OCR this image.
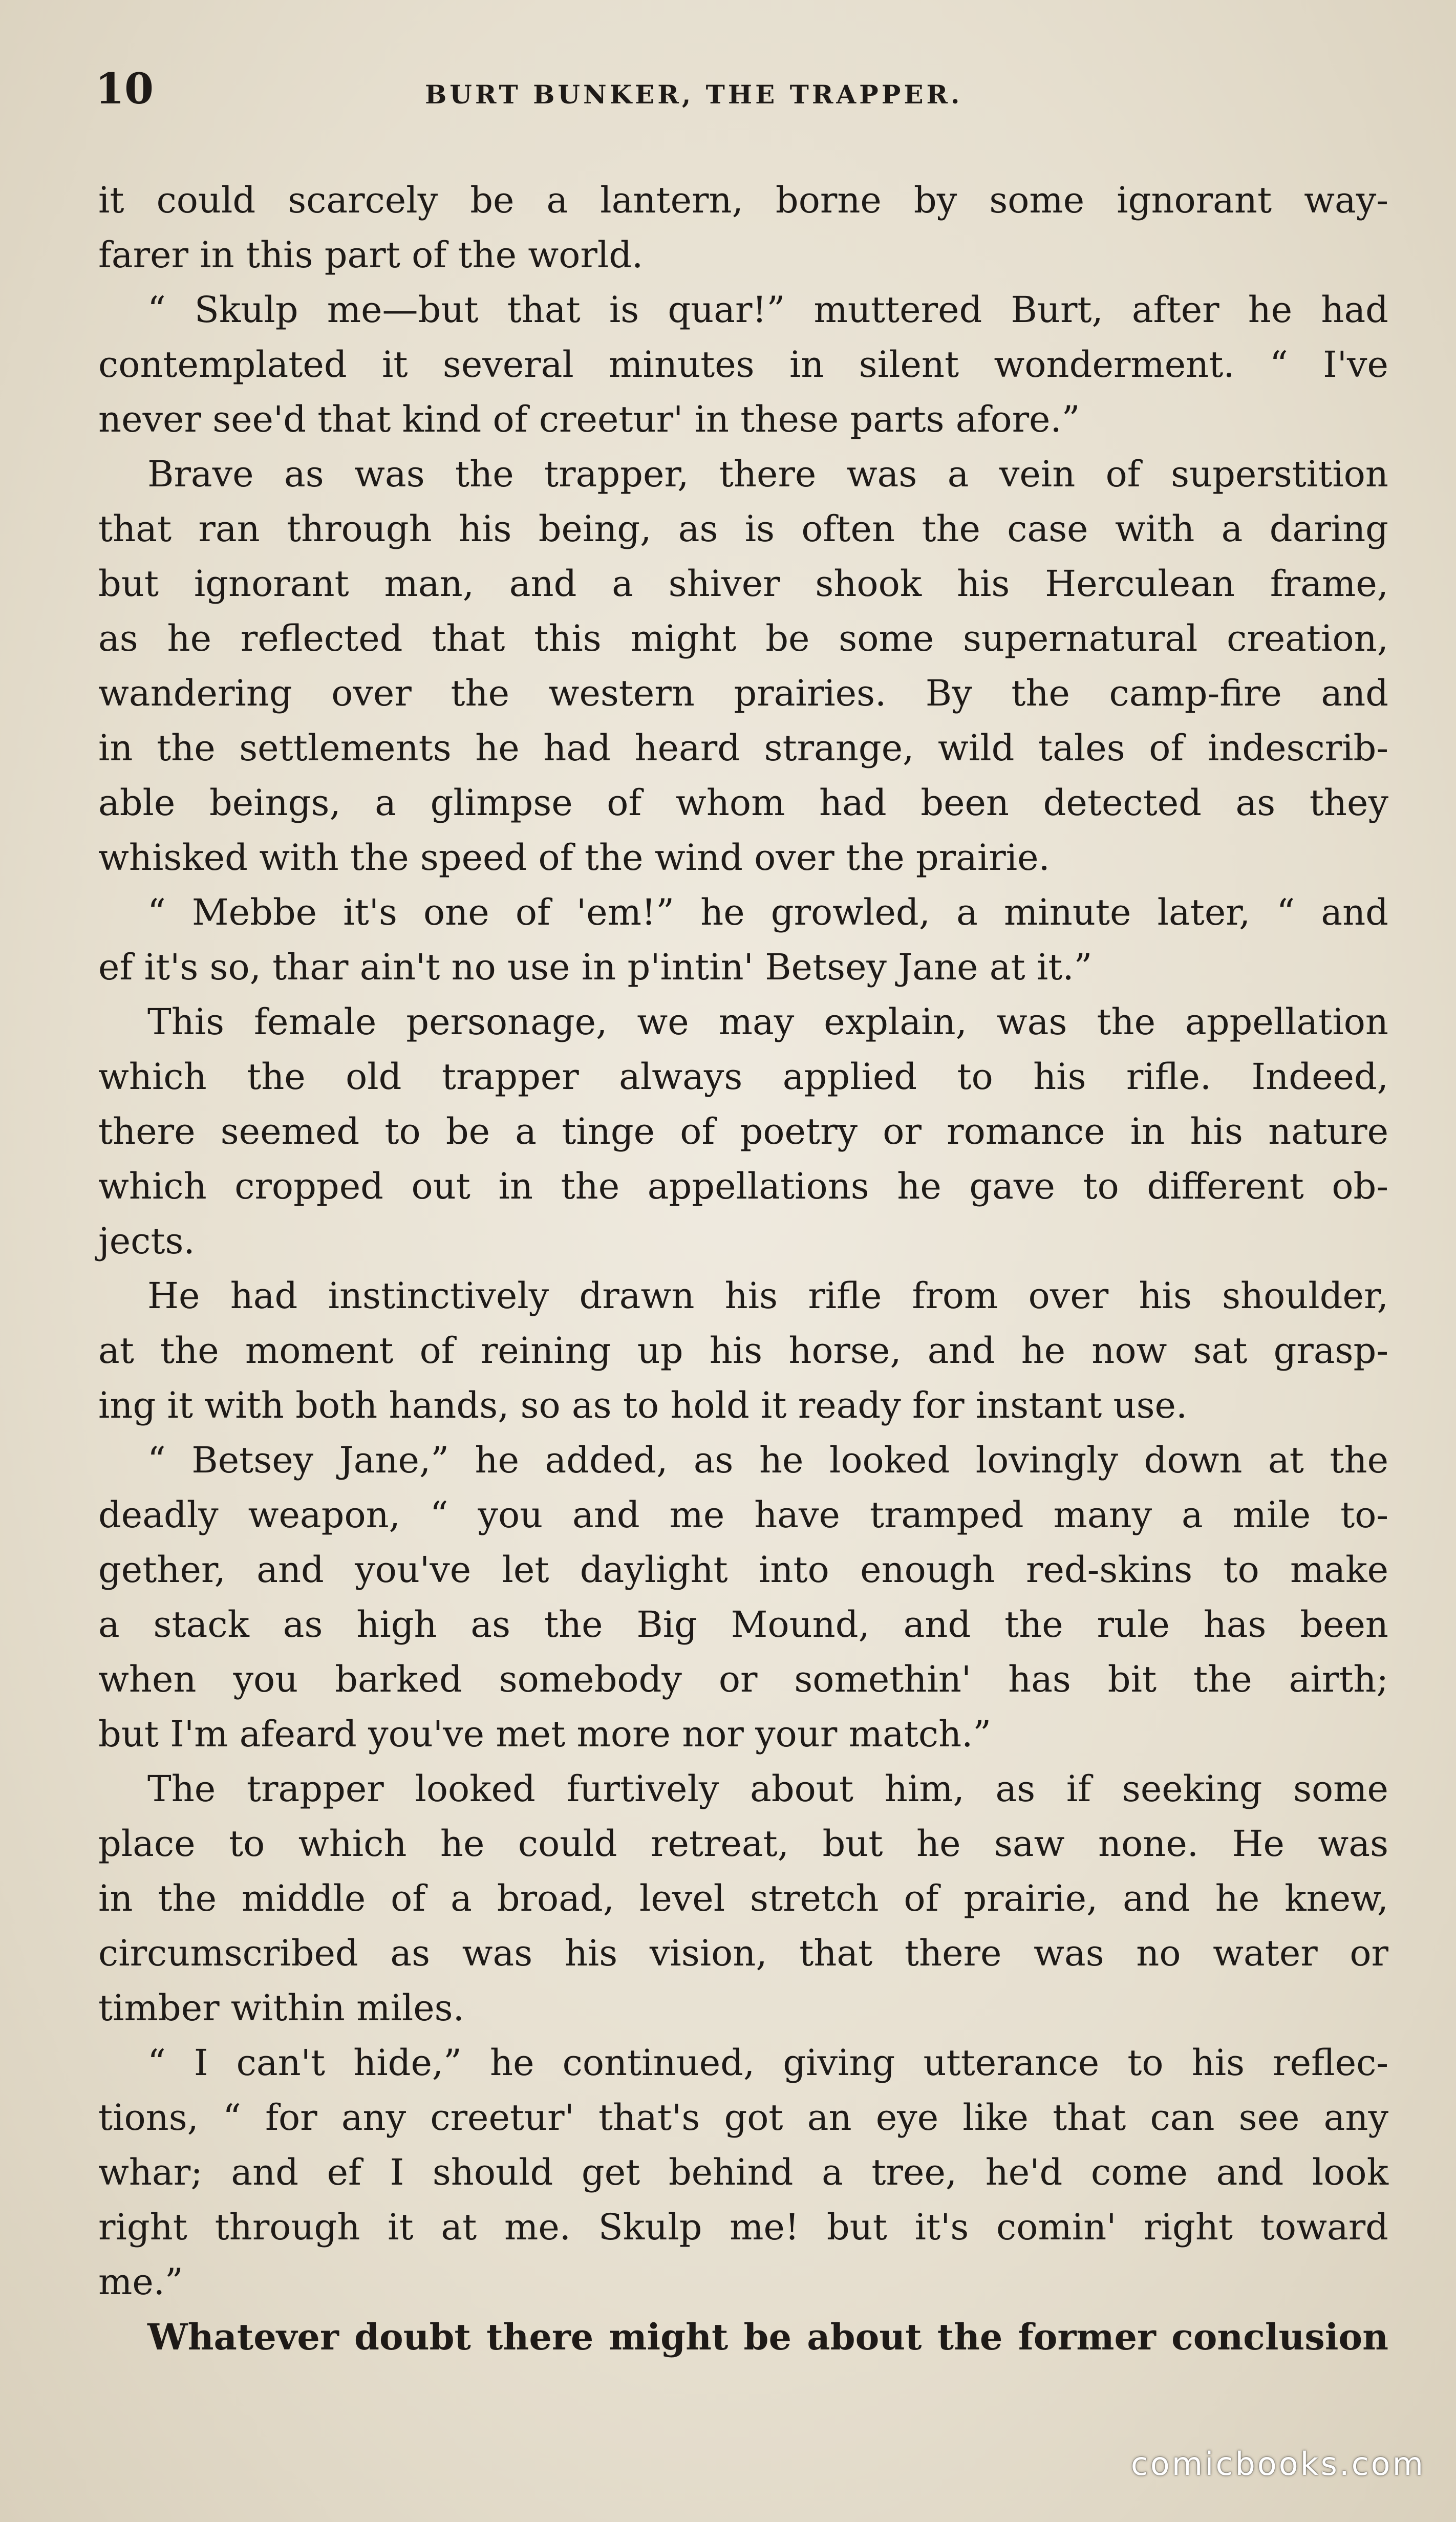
10	BURT BUNKER, THE TRAPPER.

it could scarcely be a lantern, borne by some ignorant way-
farer in this part of the world.
“ Skulp me—but that is quar!” muttered Burt, after he had
contemplated it several minutes in silent wonderment. “ I've
never see'd that kind of creetur' in these parts afore.”
Brave as was the trapper, there was a vein of superstition
that ran through his being, as is often the case with a daring
but ignorant man, and a shiver shook his Herculean frame,
as he reflected that this might be some supernatural creation,
wandering over the western prairies. By the camp-fire and
in the settlements he had heard strange, wild tales of indescrib-
able beings, a glimpse of whom had been detected as they
whisked with the speed of the wind over the prairie.
“ Mebbe it's one of 'em!” he growled, a minute later, “ and
ef it's so, thar ain't no use in p'intin' Betsey Jane at it.”
This female personage, we may explain, was the appellation
which the old trapper always applied to his rifle. Indeed,
there seemed to be a tinge of poetry or romance in his nature
which cropped out in the appellations he gave to different ob-
jects.
He had instinctively drawn his rifle from over his shoulder,
at the moment of reining up his horse, and he now sat grasp-
ing it with both hands, so as to hold it ready for instant use.
“ Betsey Jane,” he added, as he looked lovingly down at the
deadly weapon, “ you and me have tramped many a mile to-
gether, and you've let daylight into enough red-skins to make
a stack as high as the Big Mound, and the rule has been
when you barked somebody or somethin' has bit the airth;
but I'm afeard you've met more nor your match.”
The trapper looked furtively about him, as if seeking some
place to which he could retreat, but he saw none. He was
in the middle of a broad, level stretch of prairie, and he knew,
circumscribed as was his vision, that there was no water or
timber within miles.
“ I can't hide,” he continued, giving utterance to his reflec-
tions, “ for any creetur' that's got an eye like that can see any
whar; and ef I should get behind a tree, he'd come and look
right through it at me. Skulp me! but it's comin' right toward
me.”
Whatever doubt there might be about the former conclusion

comicbooks.com
